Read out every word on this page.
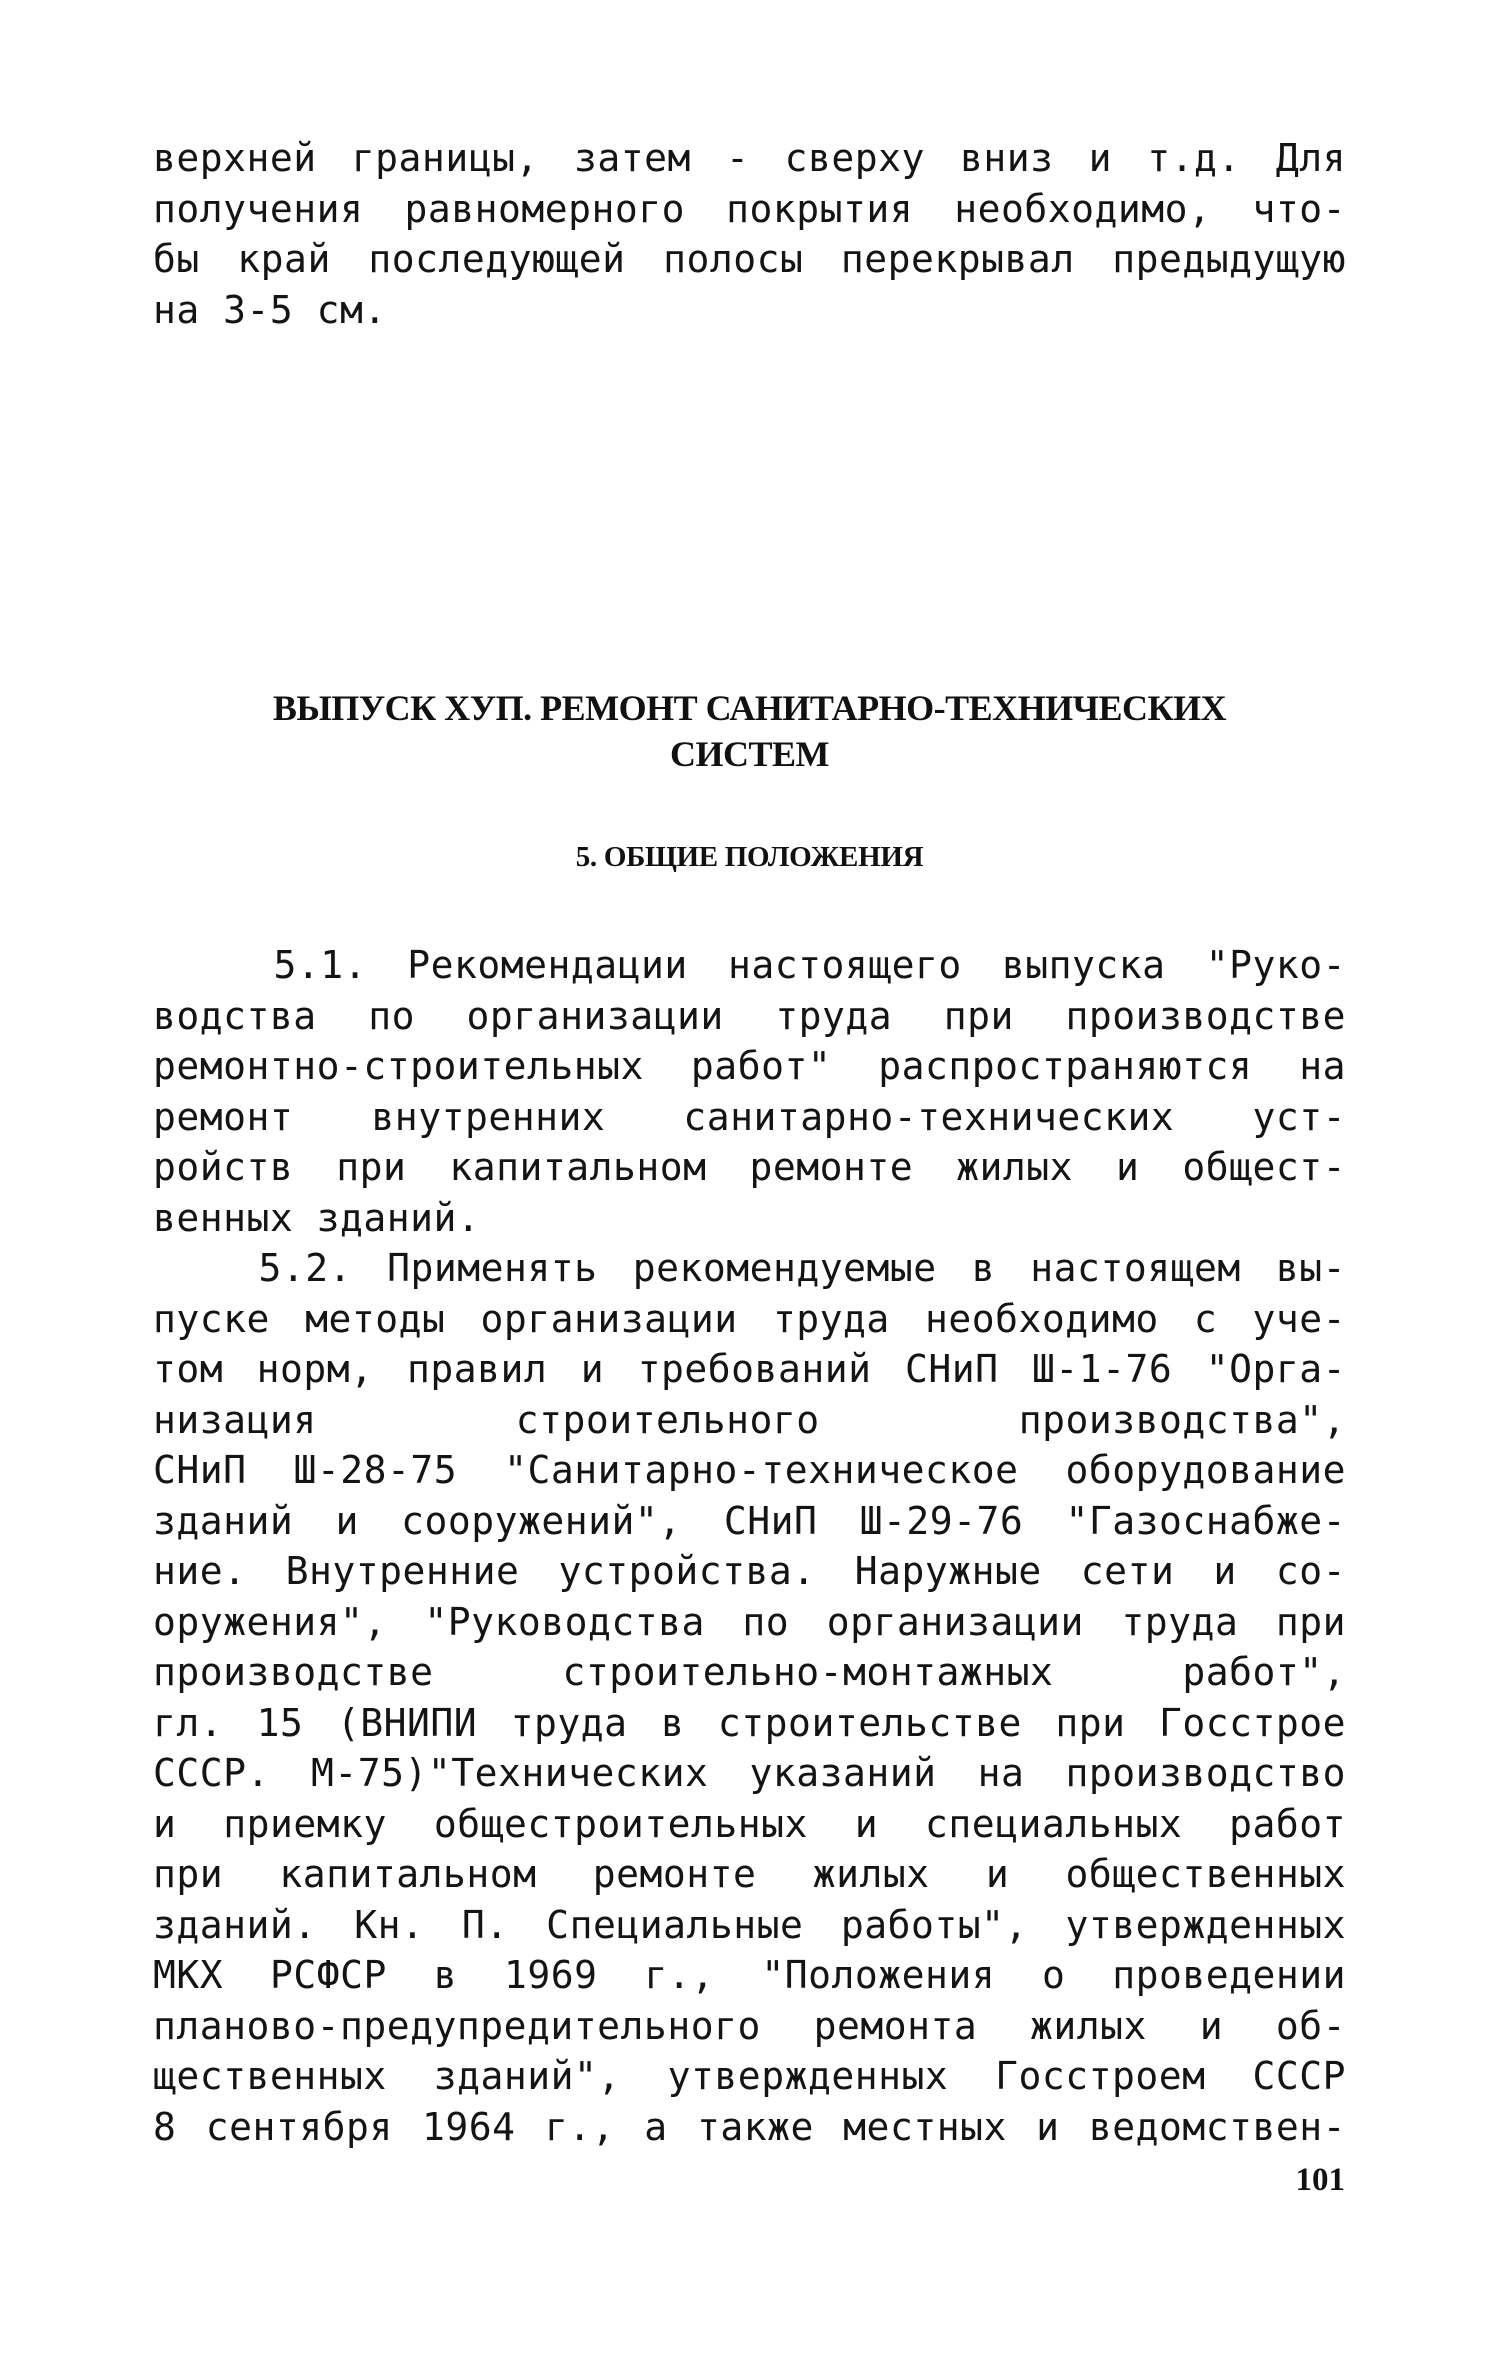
верхней границы, затем - сверху вниз и т.д. Для
получения равномерного покрытия необходимо, что-
бы край последующей полосы перекрывал предыдущую
на 3-5 см.
ВЫПУСК ХУП. РЕМОНТ САНИТАРНО-ТЕХНИЧЕСКИХ
СИСТЕМ
5. ОБЩИЕ ПОЛОЖЕНИЯ
5.1. Рекомендации настоящего выпуска "Руко-
водства по организации труда при производстве
ремонтно-строительных работ" распространяются на
ремонт внутренних санитарно-технических уст-
ройств при капитальном ремонте жилых и общест-
венных зданий.
5.2. Применять рекомендуемые в настоящем вы-
пуске методы организации труда необходимо с уче-
том норм, правил и требований СНиП Ш-1-76 "Орга-
низация строительного производства",
СНиП Ш-28-75 "Санитарно-техническое оборудование
зданий и сооружений", СНиП Ш-29-76 "Газоснабже-
ние. Внутренние устройства. Наружные сети и со-
оружения", "Руководства по организации труда при
производстве строительно-монтажных работ",
гл. 15 (ВНИПИ труда в строительстве при Госстрое
СССР. М-75)"Технических указаний на производство
и приемку общестроительных и специальных работ
при капитальном ремонте жилых и общественных
зданий. Кн. П. Специальные работы", утвержденных
МКХ РСФСР в 1969 г., "Положения о проведении
планово-предупредительного ремонта жилых и об-
щественных зданий", утвержденных Госстроем СССР
8 сентября 1964 г., а также местных и ведомствен-
101
